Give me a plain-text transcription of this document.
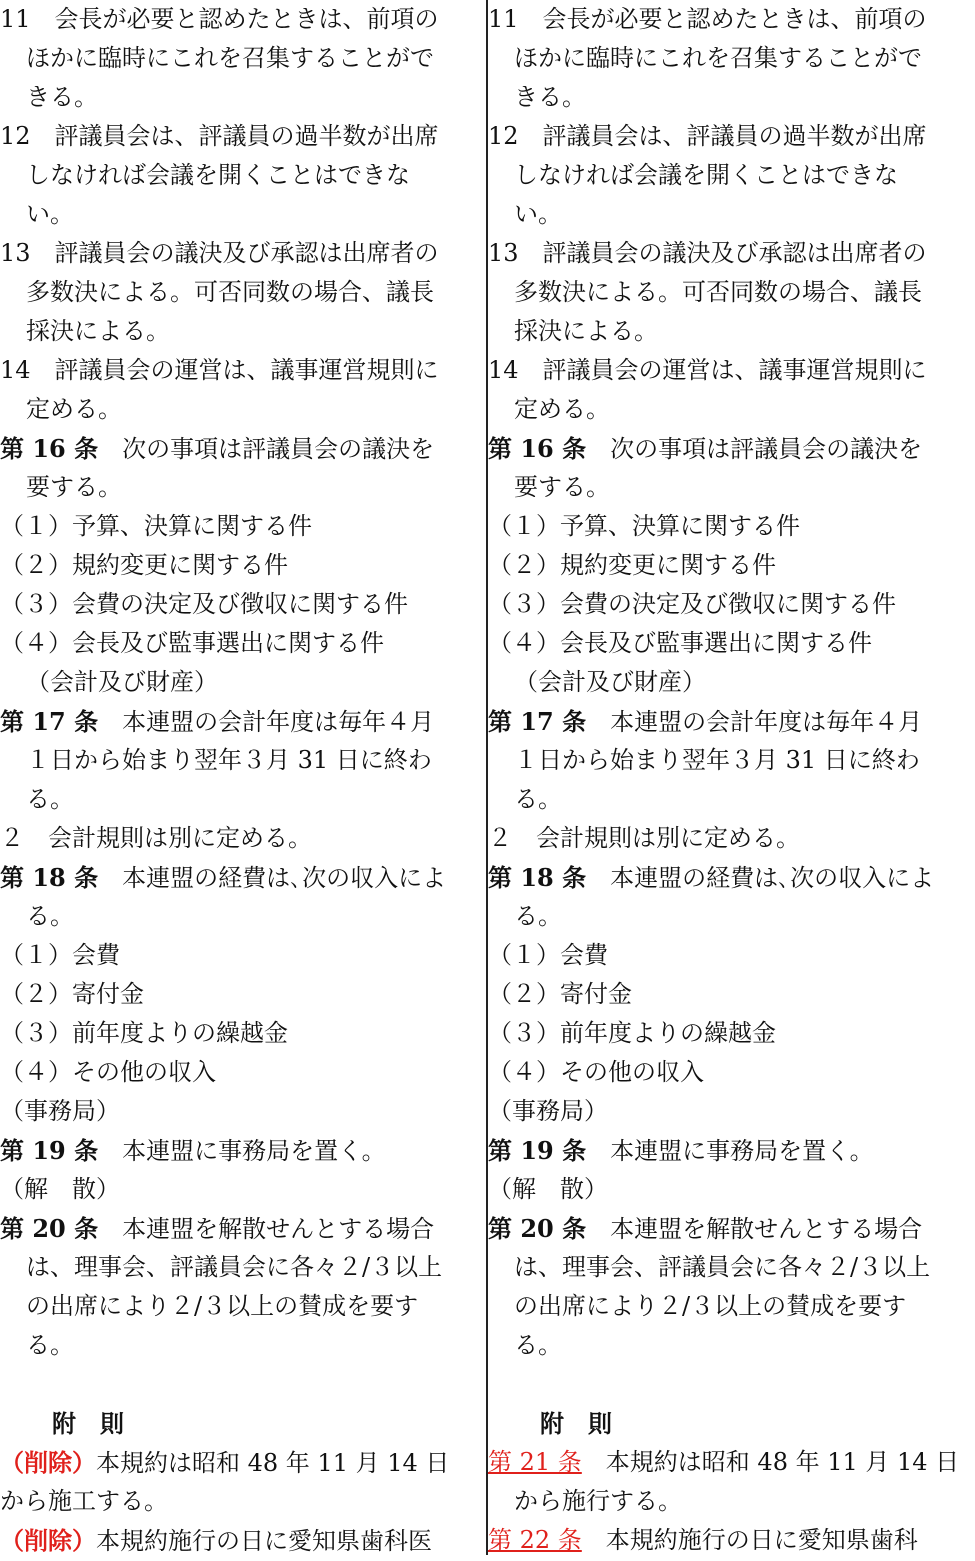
11　会長が必要と認めたときは、前項の
ほかに臨時にこれを召集することがで
きる。
12　評議員会は、評議員の過半数が出席
しなければ会議を開くことはできな
い。
13　評議員会の議決及び承認は出席者の
多数決による。可否同数の場合、議長
採決による。
14　評議員会の運営は、議事運営規則に
定める。
第 16 条　次の事項は評議員会の議決を
要する。
（１）予算、決算に関する件
（２）規約変更に関する件
（３）会費の決定及び徴収に関する件
（４）会長及び監事選出に関する件
（会計及び財産）
第 17 条　本連盟の会計年度は毎年４月
１日から始まり翌年３月 31 日に終わ
る。
２　会計規則は別に定める。
第 18 条　本連盟の経費は､次の収入によ
る。
（１）会費
（２）寄付金
（３）前年度よりの繰越金
（４）その他の収入
（事務局）
第 19 条　本連盟に事務局を置く。
（解　散）
第 20 条　本連盟を解散せんとする場合
は、理事会、評議員会に各々２/３以上
の出席により２/３以上の賛成を要す
る。
附　則
（削除）本規約は昭和 48 年 11 月 14 日
から施工する。
（削除）本規約施行の日に愛知県歯科医
11　会長が必要と認めたときは、前項の
ほかに臨時にこれを召集することがで
きる。
12　評議員会は、評議員の過半数が出席
しなければ会議を開くことはできな
い。
13　評議員会の議決及び承認は出席者の
多数決による。可否同数の場合、議長
採決による。
14　評議員会の運営は、議事運営規則に
定める。
第 16 条　次の事項は評議員会の議決を
要する。
（１）予算、決算に関する件
（２）規約変更に関する件
（３）会費の決定及び徴収に関する件
（４）会長及び監事選出に関する件
（会計及び財産）
第 17 条　本連盟の会計年度は毎年４月
１日から始まり翌年３月 31 日に終わ
る。
２　会計規則は別に定める。
第 18 条　本連盟の経費は､次の収入によ
る。
（１）会費
（２）寄付金
（３）前年度よりの繰越金
（４）その他の収入
（事務局）
第 19 条　本連盟に事務局を置く。
（解　散）
第 20 条　本連盟を解散せんとする場合
は、理事会、評議員会に各々２/３以上
の出席により２/３以上の賛成を要す
る。
附　則
第 21 条　本規約は昭和 48 年 11 月 14 日
から施行する。
第 22 条　本規約施行の日に愛知県歯科
